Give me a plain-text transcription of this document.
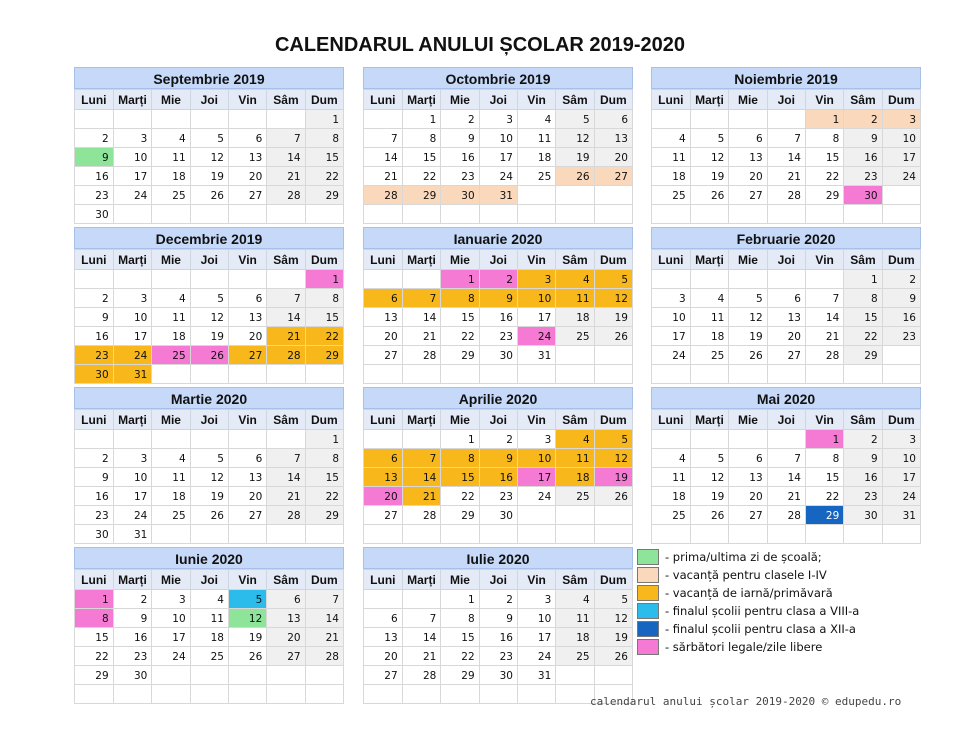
CALENDARUL ANULUI ȘCOLAR 2019-2020
Septembrie 2019
Luni	Marți	Mie	Joi	Vin	Sâm	Dum
						1
2	3	4	5	6	7	8
9	10	11	12	13	14	15
16	17	18	19	20	21	22
23	24	25	26	27	28	29
30						
Octombrie 2019
Luni	Marți	Mie	Joi	Vin	Sâm	Dum
	1	2	3	4	5	6
7	8	9	10	11	12	13
14	15	16	17	18	19	20
21	22	23	24	25	26	27
28	29	30	31			

Noiembrie 2019
Luni	Marți	Mie	Joi	Vin	Sâm	Dum
				1	2	3
4	5	6	7	8	9	10
11	12	13	14	15	16	17
18	19	20	21	22	23	24
25	26	27	28	29	30	

Decembrie 2019
Luni	Marți	Mie	Joi	Vin	Sâm	Dum
						1
2	3	4	5	6	7	8
9	10	11	12	13	14	15
16	17	18	19	20	21	22
23	24	25	26	27	28	29
30	31					
Ianuarie 2020
Luni	Marți	Mie	Joi	Vin	Sâm	Dum
		1	2	3	4	5
6	7	8	9	10	11	12
13	14	15	16	17	18	19
20	21	22	23	24	25	26
27	28	29	30	31		

Februarie 2020
Luni	Marți	Mie	Joi	Vin	Sâm	Dum
					1	2
3	4	5	6	7	8	9
10	11	12	13	14	15	16
17	18	19	20	21	22	23
24	25	26	27	28	29	

Martie 2020
Luni	Marți	Mie	Joi	Vin	Sâm	Dum
						1
2	3	4	5	6	7	8
9	10	11	12	13	14	15
16	17	18	19	20	21	22
23	24	25	26	27	28	29
30	31					
Aprilie 2020
Luni	Marți	Mie	Joi	Vin	Sâm	Dum
		1	2	3	4	5
6	7	8	9	10	11	12
13	14	15	16	17	18	19
20	21	22	23	24	25	26
27	28	29	30			

Mai 2020
Luni	Marți	Mie	Joi	Vin	Sâm	Dum
				1	2	3
4	5	6	7	8	9	10
11	12	13	14	15	16	17
18	19	20	21	22	23	24
25	26	27	28	29	30	31

Iunie 2020
Luni	Marți	Mie	Joi	Vin	Sâm	Dum
1	2	3	4	5	6	7
8	9	10	11	12	13	14
15	16	17	18	19	20	21
22	23	24	25	26	27	28
29	30					

Iulie 2020
Luni	Marți	Mie	Joi	Vin	Sâm	Dum
		1	2	3	4	5
6	7	8	9	10	11	12
13	14	15	16	17	18	19
20	21	22	23	24	25	26
27	28	29	30	31		

- prima/ultima zi de școală;
- vacanță pentru clasele I-IV
- vacanță de iarnă/primăvară
- finalul școlii pentru clasa a VIII-a
- finalul școlii pentru clasa a XII-a
- sărbători legale/zile libere
calendarul anului școlar 2019-2020 © edupedu.ro
